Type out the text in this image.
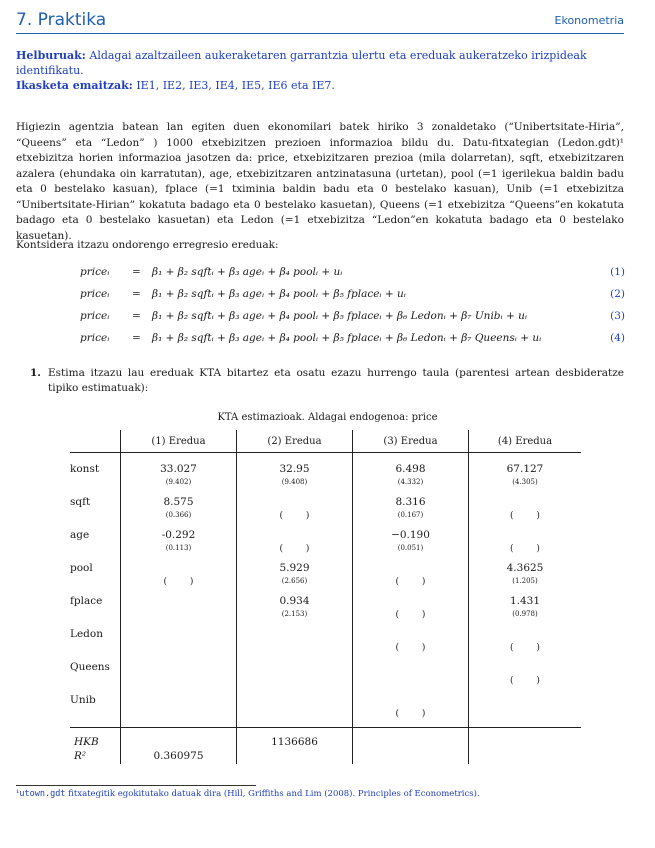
7. Praktika	Ekonometria
Helburuak: Aldagai azaltzaileen aukeraketaren garrantzia ulertu eta ereduak aukeratzeko irizpideak identifikatu.
Ikasketa emaitzak: IE1, IE2, IE3, IE4, IE5, IE6 eta IE7.
Higiezin agentzia batean lan egiten duen ekonomilari batek hiriko 3 zonaldetako (“Unibertsitate-Hiria”, “Queens” eta “Ledon” ) 1000 etxebizitzen prezioen informazioa bildu du. Datu-fitxategian (Ledon.gdt)¹ etxebizitza horien informazioa jasotzen da: price, etxebizitzaren prezioa (mila dolarretan), sqft, etxebizitzaren azalera (ehundaka oin karratutan), age, etxebizitzaren antzinatasuna (urtetan), pool (=1 igerilekua baldin badu eta 0 bestelako kasuan), fplace (=1 tximinia baldin badu eta 0 bestelako kasuan), Unib (=1 etxebizitza “Unibertsitate-Hirian” kokatuta badago eta 0 bestelako kasuetan), Queens (=1 etxebizitza “Queens”en kokatuta badago eta 0 bestelako kasuetan) eta Ledon (=1 etxebizitza “Ledon”en kokatuta badago eta 0 bestelako kasuetan).
Kontsidera itzazu ondorengo erregresio ereduak:
priceᵢ = β₁ + β₂ sqftᵢ + β₃ ageᵢ + β₄ poolᵢ + uᵢ	(1)
priceᵢ = β₁ + β₂ sqftᵢ + β₃ ageᵢ + β₄ poolᵢ + β₅ fplaceᵢ + uᵢ	(2)
priceᵢ = β₁ + β₂ sqftᵢ + β₃ ageᵢ + β₄ poolᵢ + β₅ fplaceᵢ + β₆ Ledonᵢ + β₇ Unibᵢ + uᵢ	(3)
priceᵢ = β₁ + β₂ sqftᵢ + β₃ ageᵢ + β₄ poolᵢ + β₅ fplaceᵢ + β₆ Ledonᵢ + β₇ Queensᵢ + uᵢ	(4)
1. Estima itzazu lau ereduak KTA bitartez eta osatu ezazu hurrengo taula (parentesi artean desbideratze tipiko estimatuak):
KTA estimazioak. Aldagai endogenoa: price
	(1) Eredua	(2) Eredua	(3) Eredua	(4) Eredua

konst	33.027	32.95	6.498	67.127
	(9.402)	(9.408)	(4.332)	(4.305)
sqft	8.575		8.316	
	(0.366)	(        )	(0.167)	(        )
age	-0.292		−0.190	
	(0.113)	(        )	(0.051)	(        )
pool		5.929		4.3625
	(        )	(2.656)	(        )	(1.205)
fplace		0.934		1.431
		(2.153)	(        )	(0.978)
Ledon				
			(        )	(        )
Queens				
				(        )
Unib				
			(        )	

HKB		1136686		
R²	0.360975			
¹utown.gdt fitxategitik egokitutako datuak dira (Hill, Griffiths and Lim (2008). Principles of Econometrics).
